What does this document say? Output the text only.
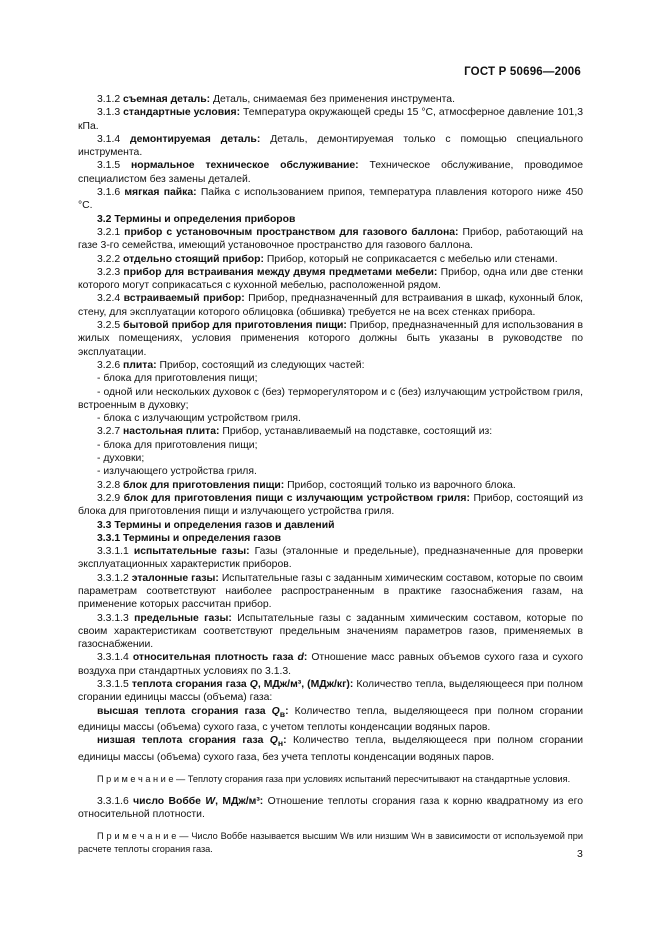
ГОСТ Р 50696—2006

3.1.2 съемная деталь: Деталь, снимаемая без применения инструмента.

3.1.3 стандартные условия: Температура окружающей среды 15 °С, атмосферное давление 101,3 кПа.

3.1.4 демонтируемая деталь: Деталь, демонтируемая только с помощью специального инструмента.

3.1.5 нормальное техническое обслуживание: Техническое обслуживание, проводимое специалистом без замены деталей.

3.1.6 мягкая пайка: Пайка с использованием припоя, температура плавления которого ниже 450 °С.

3.2 Термины и определения приборов

3.2.1 прибор с установочным пространством для газового баллона: Прибор, работающий на газе 3-го семейства, имеющий установочное пространство для газового баллона.

3.2.2 отдельно стоящий прибор: Прибор, который не соприкасается с мебелью или стенами.

3.2.3 прибор для встраивания между двумя предметами мебели: Прибор, одна или две стенки которого могут соприкасаться с кухонной мебелью, расположенной рядом.

3.2.4 встраиваемый прибор: Прибор, предназначенный для встраивания в шкаф, кухонный блок, стену, для эксплуатации которого облицовка (обшивка) требуется не на всех стенках прибора.

3.2.5 бытовой прибор для приготовления пищи: Прибор, предназначенный для использования в жилых помещениях, условия применения которого должны быть указаны в руководстве по эксплуатации.

3.2.6 плита: Прибор, состоящий из следующих частей:

- блока для приготовления пищи;

- одной или нескольких духовок с (без) терморегулятором и с (без) излучающим устройством гриля, встроенным в духовку;

- блока с излучающим устройством гриля.

3.2.7 настольная плита: Прибор, устанавливаемый на подставке, состоящий из:

- блока для приготовления пищи;

- духовки;

- излучающего устройства гриля.

3.2.8 блок для приготовления пищи: Прибор, состоящий только из варочного блока.

3.2.9 блок для приготовления пищи с излучающим устройством гриля: Прибор, состоящий из блока для приготовления пищи и излучающего устройства гриля.

3.3 Термины и определения газов и давлений

3.3.1 Термины и определения газов

3.3.1.1 испытательные газы: Газы (эталонные и предельные), предназначенные для проверки эксплуатационных характеристик приборов.

3.3.1.2 эталонные газы: Испытательные газы с заданным химическим составом, которые по своим параметрам соответствуют наиболее распространенным в практике газоснабжения газам, на применение которых рассчитан прибор.

3.3.1.3 предельные газы: Испытательные газы с заданным химическим составом, которые по своим характеристикам соответствуют предельным значениям параметров газов, применяемых в газоснабжении.

3.3.1.4 относительная плотность газа d: Отношение масс равных объемов сухого газа и сухого воздуха при стандартных условиях по 3.1.3.

3.3.1.5 теплота сгорания газа Q, МДж/м³, (МДж/кг): Количество тепла, выделяющееся при полном сгорании единицы массы (объема) газа:

высшая теплота сгорания газа $Q_в$: Количество тепла, выделяющееся при полном сгорании единицы массы (объема) сухого газа, с учетом теплоты конденсации водяных паров.

низшая теплота сгорания газа $Q_н$: Количество тепла, выделяющееся при полном сгорании единицы массы (объема) сухого газа, без учета теплоты конденсации водяных паров.

П р и м е ч а н и е — Теплоту сгорания газа при условиях испытаний пересчитывают на стандартные условия.

3.3.1.6 число Воббе W, МДж/м³: Отношение теплоты сгорания газа к корню квадратному из его относительной плотности.

П р и м е ч а н и е — Число Воббе называется высшим Wв или низшим Wн в зависимости от используемой при расчете теплоты сгорания газа.	3
